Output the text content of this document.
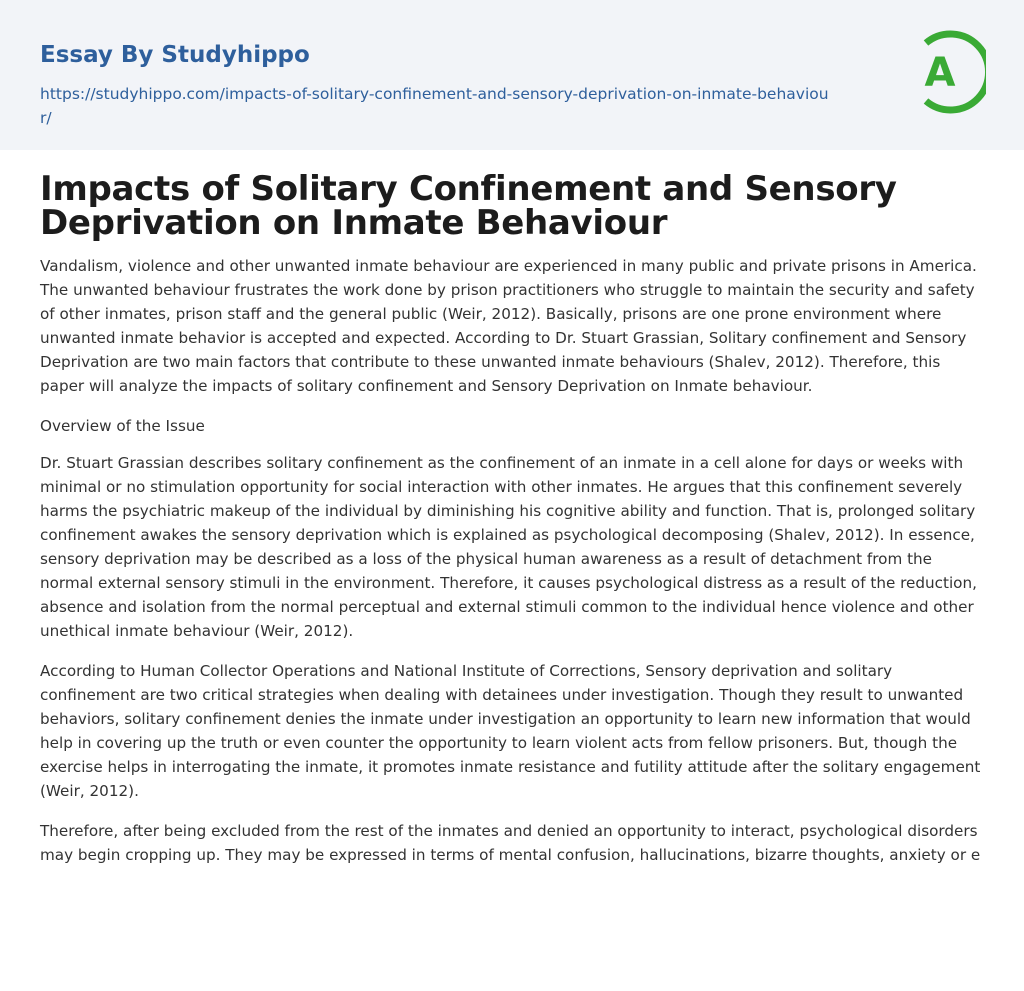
Essay By Studyhippo
https://studyhippo.com/impacts-of-solitary-confinement-and-sensory-deprivation-on-inmate-behaviour/
A
Impacts of Solitary Confinement and Sensory Deprivation on Inmate Behaviour

Vandalism, violence and other unwanted inmate behaviour are experienced in many public and private prisons in America. The unwanted behaviour frustrates the work done by prison practitioners who struggle to maintain the security and safety of other inmates, prison staff and the general public (Weir, 2012). Basically, prisons are one prone environment where unwanted inmate behavior is accepted and expected. According to Dr. Stuart Grassian, Solitary confinement and Sensory Deprivation are two main factors that contribute to these unwanted inmate behaviours (Shalev, 2012). Therefore, this paper will analyze the impacts of solitary confinement and Sensory Deprivation on Inmate behaviour.

Overview of the Issue

Dr. Stuart Grassian describes solitary confinement as the confinement of an inmate in a cell alone for days or weeks with minimal or no stimulation opportunity for social interaction with other inmates. He argues that this confinement severely harms the psychiatric makeup of the individual by diminishing his cognitive ability and function. That is, prolonged solitary confinement awakes the sensory deprivation which is explained as psychological decomposing (Shalev, 2012). In essence, sensory deprivation may be described as a loss of the physical human awareness as a result of detachment from the normal external sensory stimuli in the environment. Therefore, it causes psychological distress as a result of the reduction, absence and isolation from the normal perceptual and external stimuli common to the individual hence violence and other unethical inmate behaviour (Weir, 2012).

According to Human Collector Operations and National Institute of Corrections, Sensory deprivation and solitary confinement are two critical strategies when dealing with detainees under investigation. Though they result to unwanted behaviors, solitary confinement denies the inmate under investigation an opportunity to learn new information that would help in covering up the truth or even counter the opportunity to learn violent acts from fellow prisoners. But, though the exercise helps in interrogating the inmate, it promotes inmate resistance and futility attitude after the solitary engagement (Weir, 2012).

Therefore, after being excluded from the rest of the inmates and denied an opportunity to interact, psychological disorders may begin cropping up. They may be expressed in terms of mental confusion, hallucinations, bizarre thoughts, anxiety or e
